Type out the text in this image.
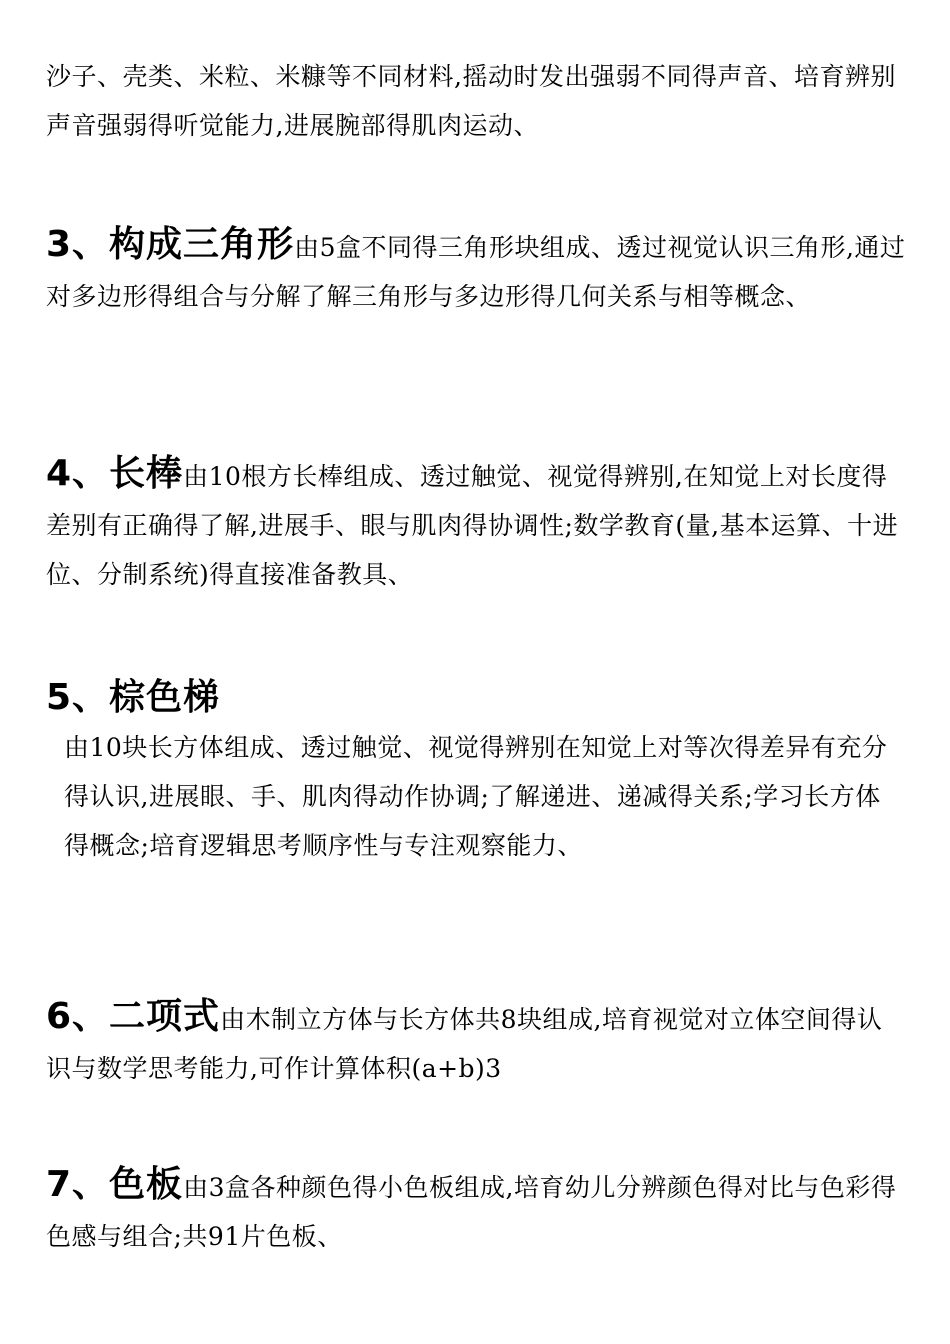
沙子、壳类、米粒、米糠等不同材料,摇动时发出强弱不同得声音、培育辨别声音强弱得听觉能力,进展腕部得肌肉运动、

3、构成三角形由5盒不同得三角形块组成、透过视觉认识三角形,通过对多边形得组合与分解了解三角形与多边形得几何关系与相等概念、

4、长棒由10根方长棒组成、透过触觉、视觉得辨别,在知觉上对长度得差别有正确得了解,进展手、眼与肌肉得协调性;数学教育(量,基本运算、十进位、分制系统)得直接准备教具、

5、棕色梯

由10块长方体组成、透过触觉、视觉得辨别在知觉上对等次得差异有充分得认识,进展眼、手、肌肉得动作协调;了解递进、递减得关系;学习长方体得概念;培育逻辑思考顺序性与专注观察能力、

6、二项式由木制立方体与长方体共8块组成,培育视觉对立体空间得认识与数学思考能力,可作计算体积(a+b)3

7、色板由3盒各种颜色得小色板组成,培育幼儿分辨颜色得对比与色彩得色感与组合;共91片色板、
